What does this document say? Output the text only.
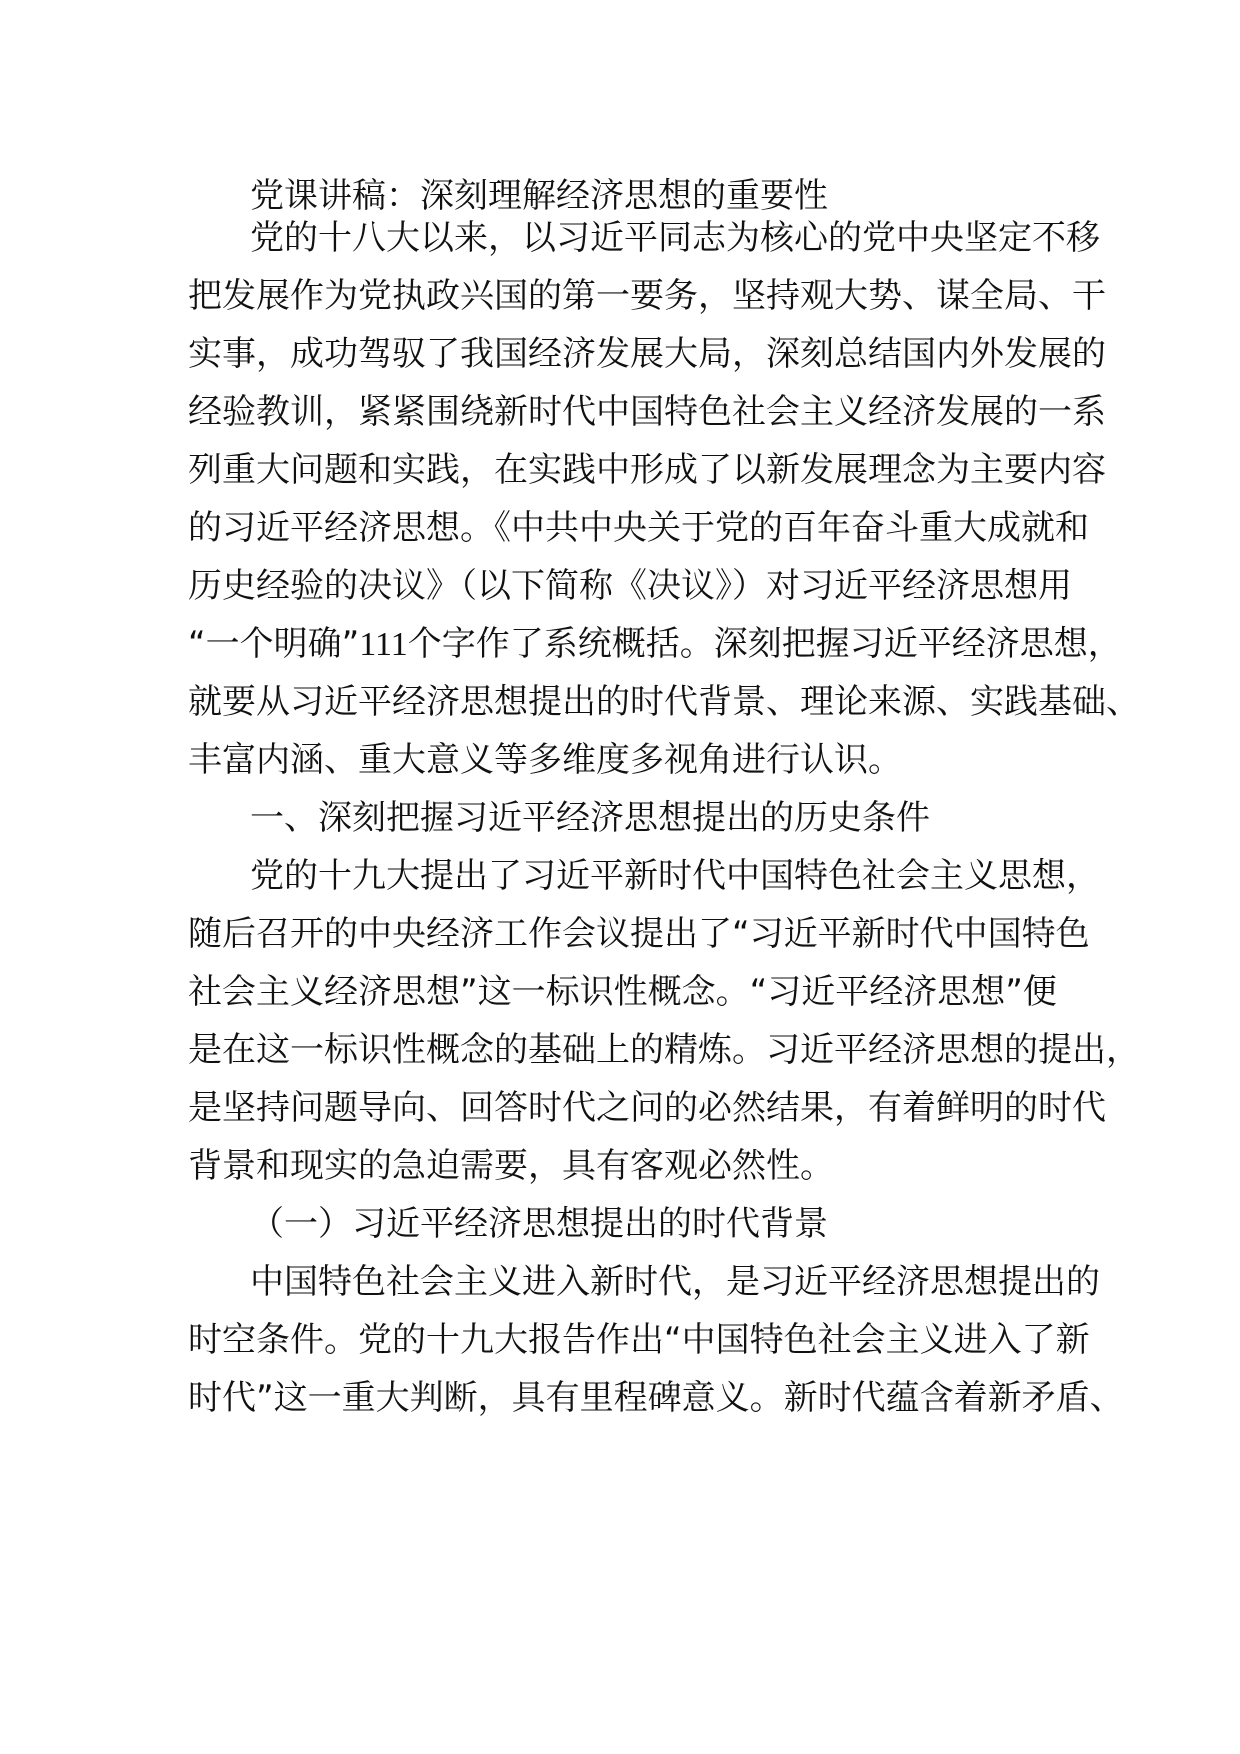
党课讲稿：深刻理解经济思想的重要性

党的十八大以来，以习近平同志为核心的党中央坚定不移

把发展作为党执政兴国的第一要务，坚持观大势、谋全局、干

实事，成功驾驭了我国经济发展大局，深刻总结国内外发展的

经验教训，紧紧围绕新时代中国特色社会主义经济发展的一系

列重大问题和实践，在实践中形成了以新发展理念为主要内容

的习近平经济思想。《中共中央关于党的百年奋斗重大成就和

历史经验的决议》（以下简称《决议》）对习近平经济思想用

“一个明确”111个字作了系统概括。深刻把握习近平经济思想，

就要从习近平经济思想提出的时代背景、理论来源、实践基础、

丰富内涵、重大意义等多维度多视角进行认识。

一、深刻把握习近平经济思想提出的历史条件

党的十九大提出了习近平新时代中国特色社会主义思想，

随后召开的中央经济工作会议提出了“习近平新时代中国特色

社会主义经济思想”这一标识性概念。“习近平经济思想”便

是在这一标识性概念的基础上的精炼。习近平经济思想的提出，

是坚持问题导向、回答时代之问的必然结果，有着鲜明的时代

背景和现实的急迫需要，具有客观必然性。

（一）习近平经济思想提出的时代背景

中国特色社会主义进入新时代，是习近平经济思想提出的

时空条件。党的十九大报告作出“中国特色社会主义进入了新

时代”这一重大判断，具有里程碑意义。新时代蕴含着新矛盾、
